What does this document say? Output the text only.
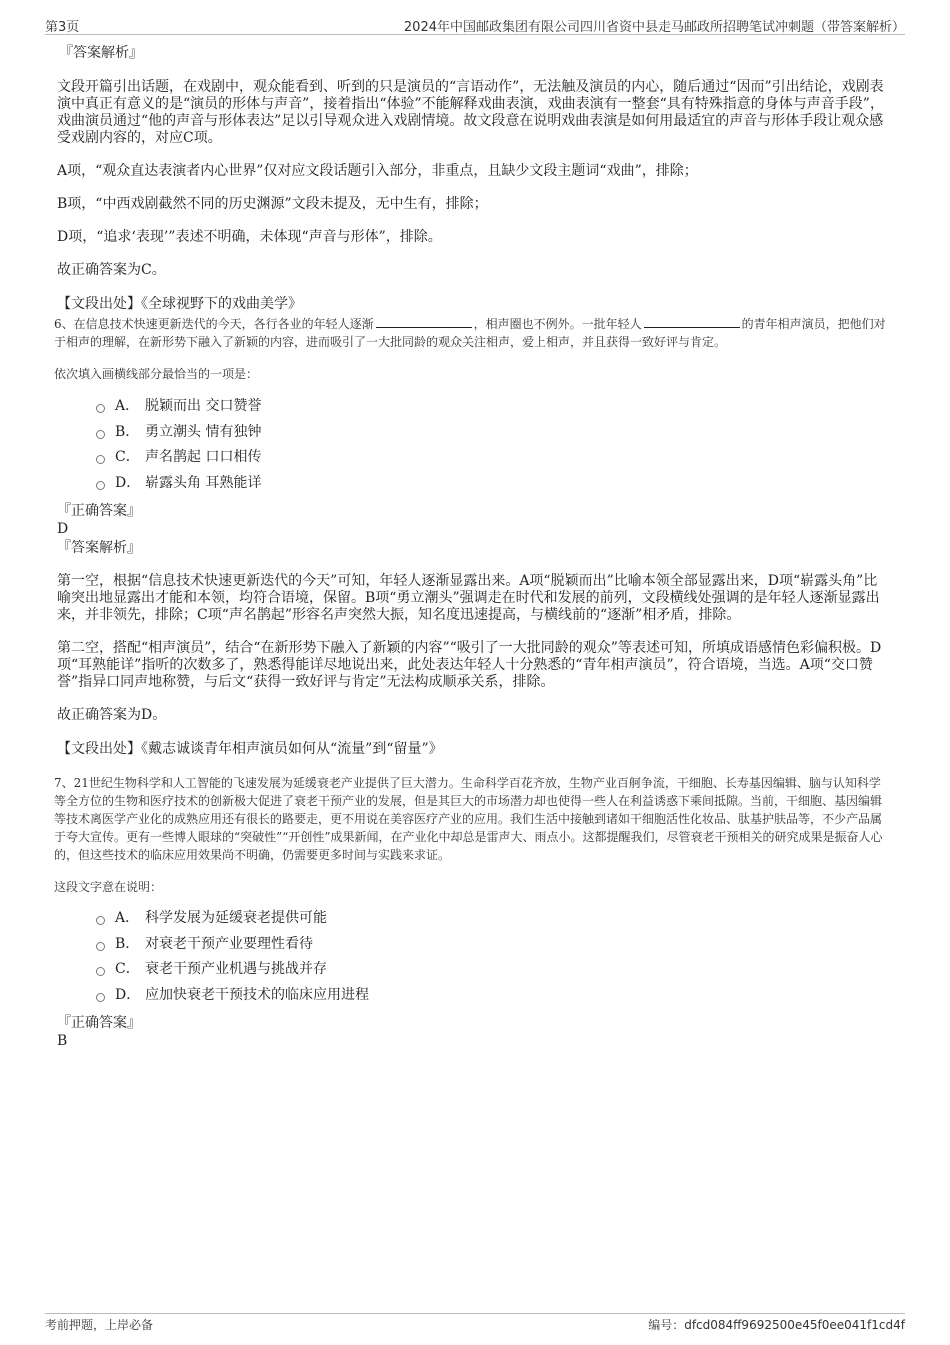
第3页	2024年中国邮政集团有限公司四川省资中县走马邮政所招聘笔试冲刺题（带答案解析）

『答案解析』

文段开篇引出话题，在戏剧中，观众能看到、听到的只是演员的“言语动作”，无法触及演员的内心，随后通过“因而”引出结论，戏剧表演中真正有意义的是“演员的形体与声音”，接着指出“体验”不能解释戏曲表演，戏曲表演有一整套“具有特殊指意的身体与声音手段”，戏曲演员通过“他的声音与形体表达”足以引导观众进入戏剧情境。故文段意在说明戏曲表演是如何用最适宜的声音与形体手段让观众感受戏剧内容的，对应C项。

A项，“观众直达表演者内心世界”仅对应文段话题引入部分，非重点，且缺少文段主题词“戏曲”，排除；

B项，“中西戏剧截然不同的历史渊源”文段未提及，无中生有，排除；

D项，“追求‘表现’”表述不明确，未体现“声音与形体”，排除。

故正确答案为C。

【文段出处】《全球视野下的戏曲美学》

6、在信息技术快速更新迭代的今天，各行各业的年轻人逐渐	，相声圈也不例外。一批年轻人	的青年相声演员，把他们对于相声的理解，在新形势下融入了新颖的内容，进而吸引了一大批同龄的观众关注相声，爱上相声，并且获得一致好评与肯定。

依次填入画横线部分最恰当的一项是：

A． 脱颖而出 交口赞誉
B． 勇立潮头 情有独钟
C． 声名鹊起 口口相传
D． 崭露头角 耳熟能详

『正确答案』

D

『答案解析』

第一空，根据“信息技术快速更新迭代的今天”可知，年轻人逐渐显露出来。A项“脱颖而出”比喻本领全部显露出来，D项“崭露头角”比喻突出地显露出才能和本领，均符合语境，保留。B项“勇立潮头”强调走在时代和发展的前列，文段横线处强调的是年轻人逐渐显露出来，并非领先，排除；C项“声名鹊起”形容名声突然大振，知名度迅速提高，与横线前的“逐渐”相矛盾，排除。

第二空，搭配“相声演员”，结合“在新形势下融入了新颖的内容”“吸引了一大批同龄的观众”等表述可知，所填成语感情色彩偏积极。D项“耳熟能详”指听的次数多了，熟悉得能详尽地说出来，此处表达年轻人十分熟悉的“青年相声演员”，符合语境，当选。A项“交口赞誉”指异口同声地称赞，与后文“获得一致好评与肯定”无法构成顺承关系，排除。

故正确答案为D。

【文段出处】《戴志诚谈青年相声演员如何从“流量”到“留量”》

7、21世纪生物科学和人工智能的飞速发展为延缓衰老产业提供了巨大潜力。生命科学百花齐放，生物产业百舸争流，干细胞、长寿基因编辑、脑与认知科学等全方位的生物和医疗技术的创新极大促进了衰老干预产业的发展，但是其巨大的市场潜力却也使得一些人在利益诱惑下乘间抵隙。当前，干细胞、基因编辑等技术离医学产业化的成熟应用还有很长的路要走，更不用说在美容医疗产业的应用。我们生活中接触到诸如干细胞活性化妆品、肽基护肤品等，不少产品属于夸大宣传。更有一些博人眼球的“突破性”“开创性”成果新闻，在产业化中却总是雷声大、雨点小。这都提醒我们，尽管衰老干预相关的研究成果是振奋人心的，但这些技术的临床应用效果尚不明确，仍需要更多时间与实践来求证。

这段文字意在说明：

A． 科学发展为延缓衰老提供可能
B． 对衰老干预产业要理性看待
C． 衰老干预产业机遇与挑战并存
D． 应加快衰老干预技术的临床应用进程

『正确答案』

B

考前押题，上岸必备	编号：dfcd084ff9692500e45f0ee041f1cd4f
